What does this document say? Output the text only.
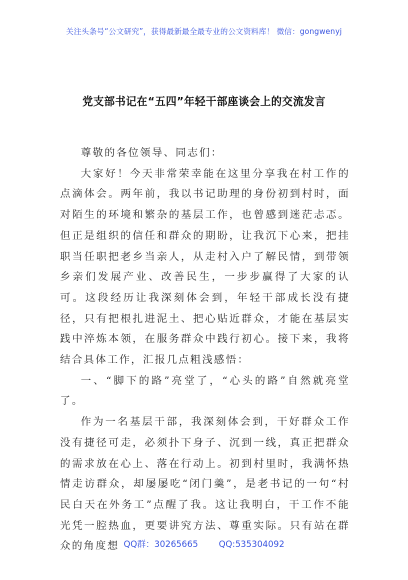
关注头条号“公文研究”，获得最新最全最专业的公文资料库！ 微信：gongwenyj
党支部书记在“五四”年轻干部座谈会上的交流发言

尊敬的各位领导、同志们：

大家好！今天非常荣幸能在这里分享我在村工作的点滴体会。两年前，我以书记助理的身份初到村时，面对陌生的环境和繁杂的基层工作，也曾感到迷茫忐忑。但正是组织的信任和群众的期盼，让我沉下心来，把挂职当任职把老乡当亲人，从走村入户了解民情，到带领乡亲们发展产业、改善民生，一步步赢得了大家的认可。这段经历让我深刻体会到，年轻干部成长没有捷径，只有把根扎进泥土、把心贴近群众，才能在基层实践中淬炼本领，在服务群众中践行初心。接下来，我将结合具体工作，汇报几点粗浅感悟：

一、“脚下的路”亮堂了，“心头的路”自然就亮堂了。

作为一名基层干部，我深刻体会到，干好群众工作没有捷径可走，必须扑下身子、沉到一线，真正把群众的需求放在心上、落在行动上。初到村里时，我满怀热情走访群众，却屡屡吃“闭门羹”，是老书记的一句“村民白天在外务工”点醒了我。这让我明白，干工作不能光凭一腔热血，更要讲究方法、尊重实际。只有站在群众的角度想 QQ群：30265665 QQ:535304092
